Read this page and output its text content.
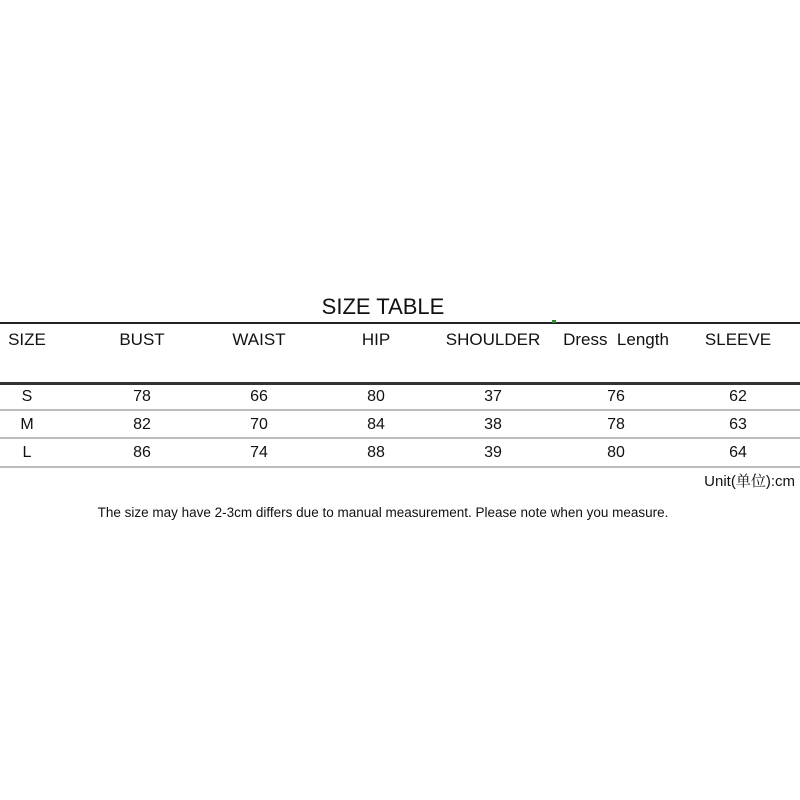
SIZE TABLE
SIZE	BUST	WAIST	HIP	SHOULDER	Dress  Length	SLEEVE
S	78	66	80	37	76	62
M	82	70	84	38	78	63
L	86	74	88	39	80	64
Unit(单位):cm
The size may have 2-3cm differs due to manual measurement. Please note when you measure.
